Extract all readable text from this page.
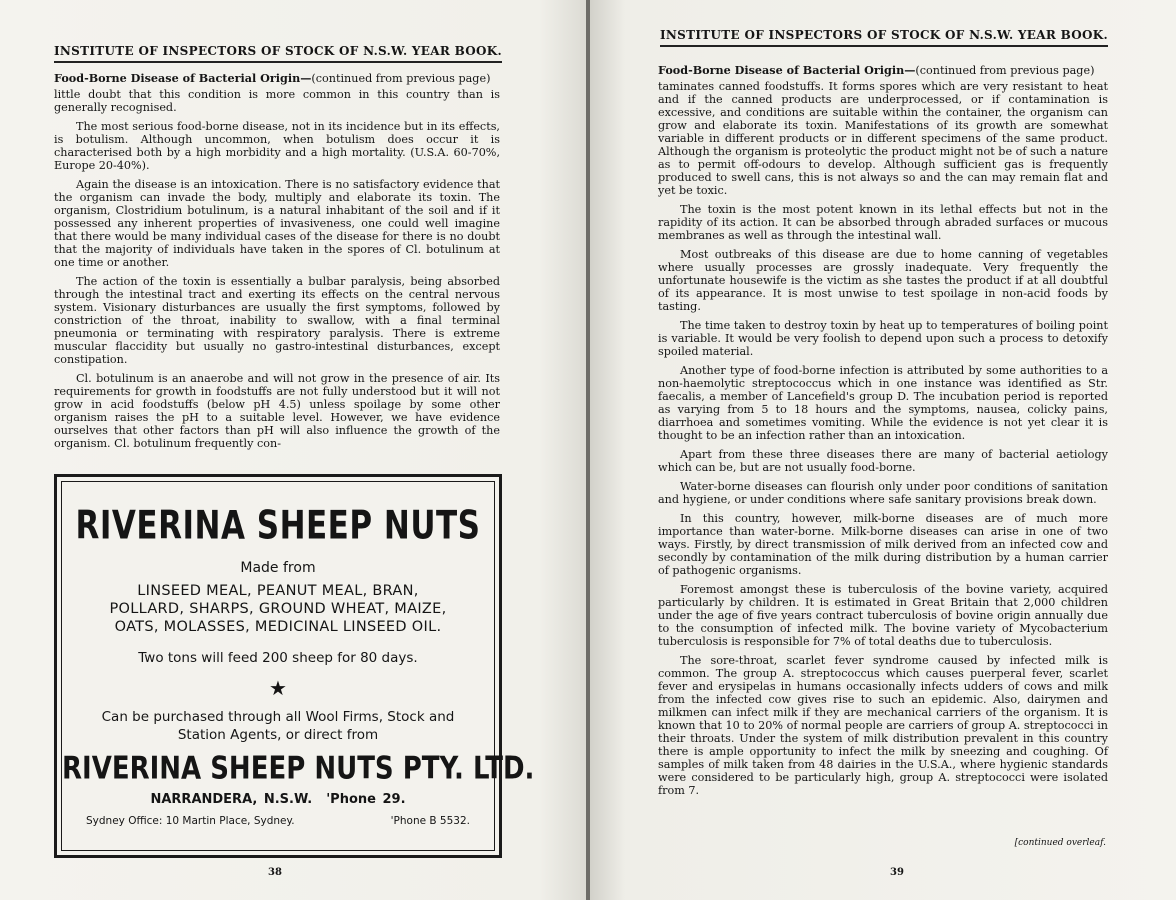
INSTITUTE OF INSPECTORS OF STOCK OF N.S.W. YEAR BOOK.
Food-Borne Disease of Bacterial Origin—(continued from previous page)

little doubt that this condition is more common in this country than is generally recognised.

The most serious food-borne disease, not in its incidence but in its effects, is botulism. Although uncommon, when botulism does occur it is characterised both by a high morbidity and a high mortality. (U.S.A. 60-70%, Europe 20-40%).

Again the disease is an intoxication. There is no satisfactory evidence that the organism can invade the body, multiply and elaborate its toxin. The organism, Clostridium botulinum, is a natural inhabitant of the soil and if it possessed any inherent properties of invasiveness, one could well imagine that there would be many individual cases of the disease for there is no doubt that the majority of individuals have taken in the spores of Cl. botulinum at one time or another.

The action of the toxin is essentially a bulbar paralysis, being absorbed through the intestinal tract and exerting its effects on the central nervous system. Visionary disturbances are usually the first symptoms, followed by constriction of the throat, inability to swallow, with a final terminal pneumonia or terminating with respiratory paralysis. There is extreme muscular flaccidity but usually no gastro-intestinal disturbances, except constipation.

Cl. botulinum is an anaerobe and will not grow in the presence of air. Its requirements for growth in foodstuffs are not fully understood but it will not grow in acid foodstuffs (below pH 4.5) unless spoilage by some other organism raises the pH to a suitable level. However, we have evidence ourselves that other factors than pH will also influence the growth of the organism. Cl. botulinum frequently con-

RIVERINA SHEEP NUTS
Made from
LINSEED MEAL, PEANUT MEAL, BRAN, POLLARD, SHARPS, GROUND WHEAT, MAIZE, OATS, MOLASSES, MEDICINAL LINSEED OIL.
Two tons will feed 200 sheep for 80 days.
★
Can be purchased through all Wool Firms, Stock and
Station Agents, or direct from
RIVERINA SHEEP NUTS PTY. LTD.
NARRANDERA, N.S.W. 'Phone 29.
Sydney Office: 10 Martin Place, Sydney.	'Phone B 5532.
38
INSTITUTE OF INSPECTORS OF STOCK OF N.S.W. YEAR BOOK.
Food-Borne Disease of Bacterial Origin—(continued from previous page)

taminates canned foodstuffs. It forms spores which are very resistant to heat and if the canned products are underprocessed, or if contamination is excessive, and conditions are suitable within the container, the organism can grow and elaborate its toxin. Manifestations of its growth are somewhat variable in different products or in different specimens of the same product. Although the organism is proteolytic the product might not be of such a nature as to permit off-odours to develop. Although sufficient gas is frequently produced to swell cans, this is not always so and the can may remain flat and yet be toxic.

The toxin is the most potent known in its lethal effects but not in the rapidity of its action. It can be absorbed through abraded surfaces or mucous membranes as well as through the intestinal wall.

Most outbreaks of this disease are due to home canning of vegetables where usually processes are grossly inadequate. Very frequently the unfortunate housewife is the victim as she tastes the product if at all doubtful of its appearance. It is most unwise to test spoilage in non-acid foods by tasting.

The time taken to destroy toxin by heat up to temperatures of boiling point is variable. It would be very foolish to depend upon such a process to detoxify spoiled material.

Another type of food-borne infection is attributed by some authorities to a non-haemolytic streptococcus which in one instance was identified as Str. faecalis, a member of Lancefield's group D. The incubation period is reported as varying from 5 to 18 hours and the symptoms, nausea, colicky pains, diarrhoea and sometimes vomiting. While the evidence is not yet clear it is thought to be an infection rather than an intoxication.

Apart from these three diseases there are many of bacterial aetiology which can be, but are not usually food-borne.

Water-borne diseases can flourish only under poor conditions of sanitation and hygiene, or under conditions where safe sanitary provisions break down.

In this country, however, milk-borne diseases are of much more importance than water-borne. Milk-borne diseases can arise in one of two ways. Firstly, by direct transmission of milk derived from an infected cow and secondly by contamination of the milk during distribution by a human carrier of pathogenic organisms.

Foremost amongst these is tuberculosis of the bovine variety, acquired particularly by children. It is estimated in Great Britain that 2,000 children under the age of five years contract tuberculosis of bovine origin annually due to the consumption of infected milk. The bovine variety of Mycobacterium tuberculosis is responsible for 7% of total deaths due to tuberculosis.

The sore-throat, scarlet fever syndrome caused by infected milk is common. The group A. streptococcus which causes puerperal fever, scarlet fever and erysipelas in humans occasionally infects udders of cows and milk from the infected cow gives rise to such an epidemic. Also, dairymen and milkmen can infect milk if they are mechanical carriers of the organism. It is known that 10 to 20% of normal people are carriers of group A. streptococci in their throats. Under the system of milk distribution prevalent in this country there is ample opportunity to infect the milk by sneezing and coughing. Of samples of milk taken from 48 dairies in the U.S.A., where hygienic standards were considered to be particularly high, group A. streptococci were isolated from 7.

[continued overleaf.
39
